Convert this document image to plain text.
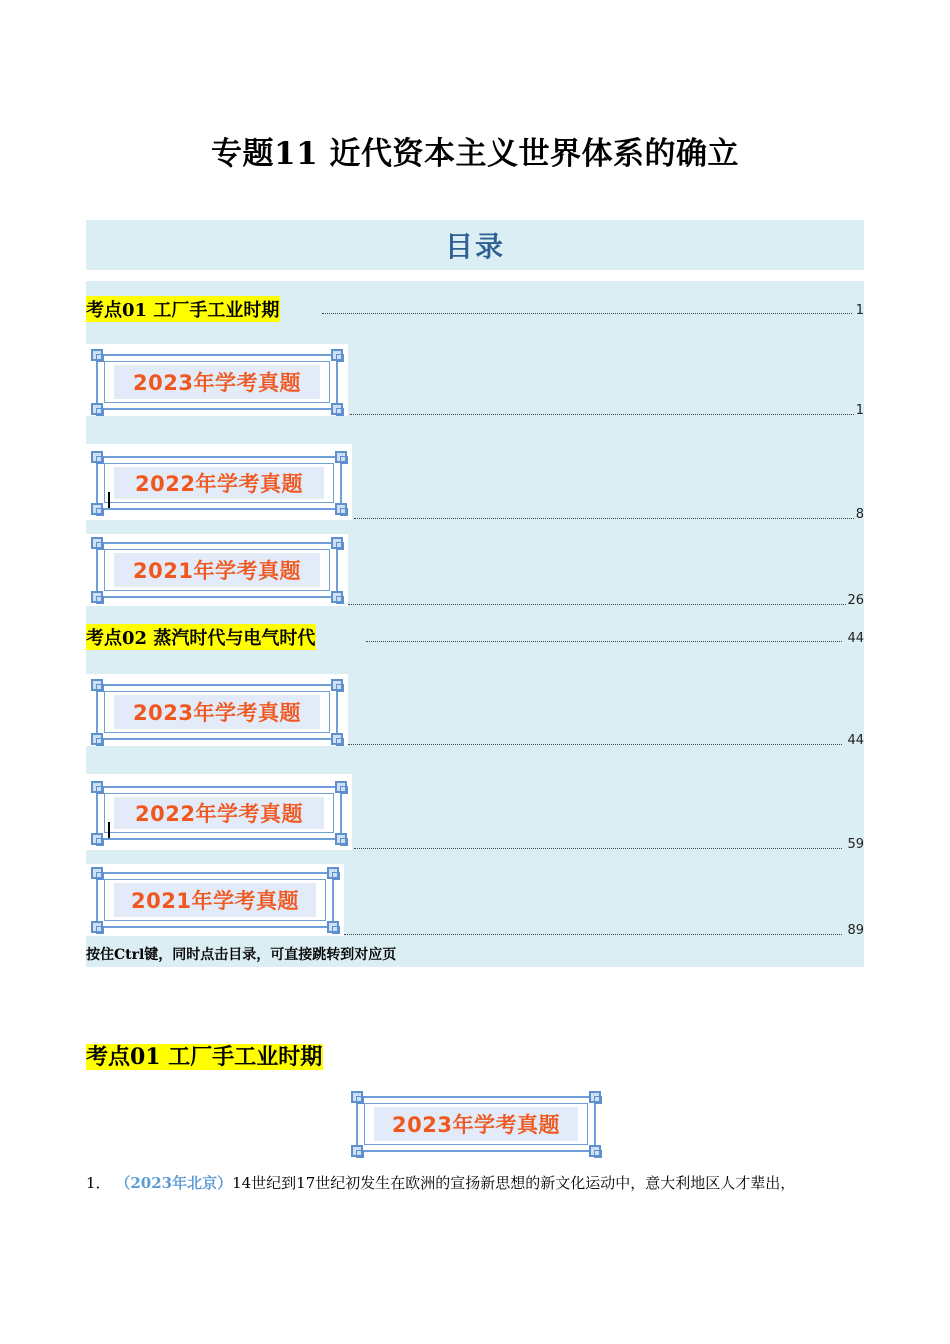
专题11 近代资本主义世界体系的确立
目录
考点01 工厂手工业时期	1
2023年学考真题
1
2022年学考真题
8
2021年学考真题
26
考点02 蒸汽时代与电气时代	44
2023年学考真题
44
2022年学考真题
59
2021年学考真题
89
按住Ctrl键，同时点击目录，可直接跳转到对应页
考点01 工厂手工业时期
2023年学考真题
1． （2023年北京）14世纪到17世纪初发生在欧洲的宣扬新思想的新文化运动中，意大利地区人才辈出，
